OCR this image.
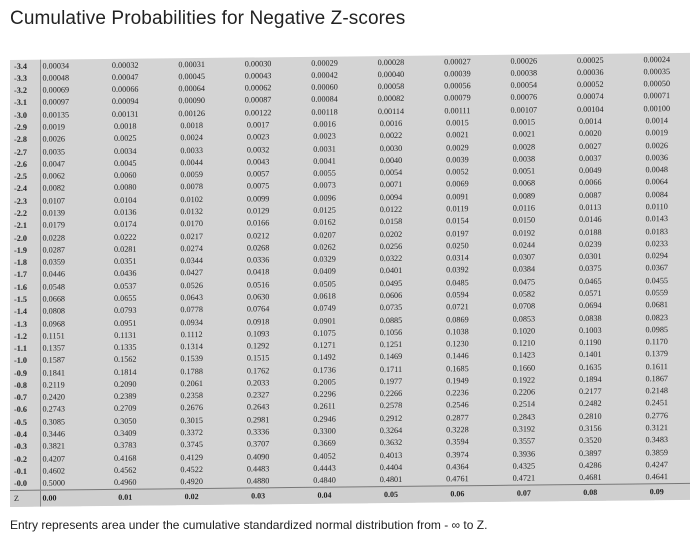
Cumulative Probabilities for Negative Z-scores
-3.4	0.00034	0.00032	0.00031	0.00030	0.00029	0.00028	0.00027	0.00026	0.00025	0.00024
-3.3	0.00048	0.00047	0.00045	0.00043	0.00042	0.00040	0.00039	0.00038	0.00036	0.00035
-3.2	0.00069	0.00066	0.00064	0.00062	0.00060	0.00058	0.00056	0.00054	0.00052	0.00050
-3.1	0.00097	0.00094	0.00090	0.00087	0.00084	0.00082	0.00079	0.00076	0.00074	0.00071
-3.0	0.00135	0.00131	0.00126	0.00122	0.00118	0.00114	0.00111	0.00107	0.00104	0.00100
-2.9	0.0019	0.0018	0.0018	0.0017	0.0016	0.0016	0.0015	0.0015	0.0014	0.0014
-2.8	0.0026	0.0025	0.0024	0.0023	0.0023	0.0022	0.0021	0.0021	0.0020	0.0019
-2.7	0.0035	0.0034	0.0033	0.0032	0.0031	0.0030	0.0029	0.0028	0.0027	0.0026
-2.6	0.0047	0.0045	0.0044	0.0043	0.0041	0.0040	0.0039	0.0038	0.0037	0.0036
-2.5	0.0062	0.0060	0.0059	0.0057	0.0055	0.0054	0.0052	0.0051	0.0049	0.0048
-2.4	0.0082	0.0080	0.0078	0.0075	0.0073	0.0071	0.0069	0.0068	0.0066	0.0064
-2.3	0.0107	0.0104	0.0102	0.0099	0.0096	0.0094	0.0091	0.0089	0.0087	0.0084
-2.2	0.0139	0.0136	0.0132	0.0129	0.0125	0.0122	0.0119	0.0116	0.0113	0.0110
-2.1	0.0179	0.0174	0.0170	0.0166	0.0162	0.0158	0.0154	0.0150	0.0146	0.0143
-2.0	0.0228	0.0222	0.0217	0.0212	0.0207	0.0202	0.0197	0.0192	0.0188	0.0183
-1.9	0.0287	0.0281	0.0274	0.0268	0.0262	0.0256	0.0250	0.0244	0.0239	0.0233
-1.8	0.0359	0.0351	0.0344	0.0336	0.0329	0.0322	0.0314	0.0307	0.0301	0.0294
-1.7	0.0446	0.0436	0.0427	0.0418	0.0409	0.0401	0.0392	0.0384	0.0375	0.0367
-1.6	0.0548	0.0537	0.0526	0.0516	0.0505	0.0495	0.0485	0.0475	0.0465	0.0455
-1.5	0.0668	0.0655	0.0643	0.0630	0.0618	0.0606	0.0594	0.0582	0.0571	0.0559
-1.4	0.0808	0.0793	0.0778	0.0764	0.0749	0.0735	0.0721	0.0708	0.0694	0.0681
-1.3	0.0968	0.0951	0.0934	0.0918	0.0901	0.0885	0.0869	0.0853	0.0838	0.0823
-1.2	0.1151	0.1131	0.1112	0.1093	0.1075	0.1056	0.1038	0.1020	0.1003	0.0985
-1.1	0.1357	0.1335	0.1314	0.1292	0.1271	0.1251	0.1230	0.1210	0.1190	0.1170
-1.0	0.1587	0.1562	0.1539	0.1515	0.1492	0.1469	0.1446	0.1423	0.1401	0.1379
-0.9	0.1841	0.1814	0.1788	0.1762	0.1736	0.1711	0.1685	0.1660	0.1635	0.1611
-0.8	0.2119	0.2090	0.2061	0.2033	0.2005	0.1977	0.1949	0.1922	0.1894	0.1867
-0.7	0.2420	0.2389	0.2358	0.2327	0.2296	0.2266	0.2236	0.2206	0.2177	0.2148
-0.6	0.2743	0.2709	0.2676	0.2643	0.2611	0.2578	0.2546	0.2514	0.2482	0.2451
-0.5	0.3085	0.3050	0.3015	0.2981	0.2946	0.2912	0.2877	0.2843	0.2810	0.2776
-0.4	0.3446	0.3409	0.3372	0.3336	0.3300	0.3264	0.3228	0.3192	0.3156	0.3121
-0.3	0.3821	0.3783	0.3745	0.3707	0.3669	0.3632	0.3594	0.3557	0.3520	0.3483
-0.2	0.4207	0.4168	0.4129	0.4090	0.4052	0.4013	0.3974	0.3936	0.3897	0.3859
-0.1	0.4602	0.4562	0.4522	0.4483	0.4443	0.4404	0.4364	0.4325	0.4286	0.4247
-0.0	0.5000	0.4960	0.4920	0.4880	0.4840	0.4801	0.4761	0.4721	0.4681	0.4641
Z	0.00	0.01	0.02	0.03	0.04	0.05	0.06	0.07	0.08	0.09
Entry represents area under the cumulative standardized normal distribution from - ∞ to Z.
